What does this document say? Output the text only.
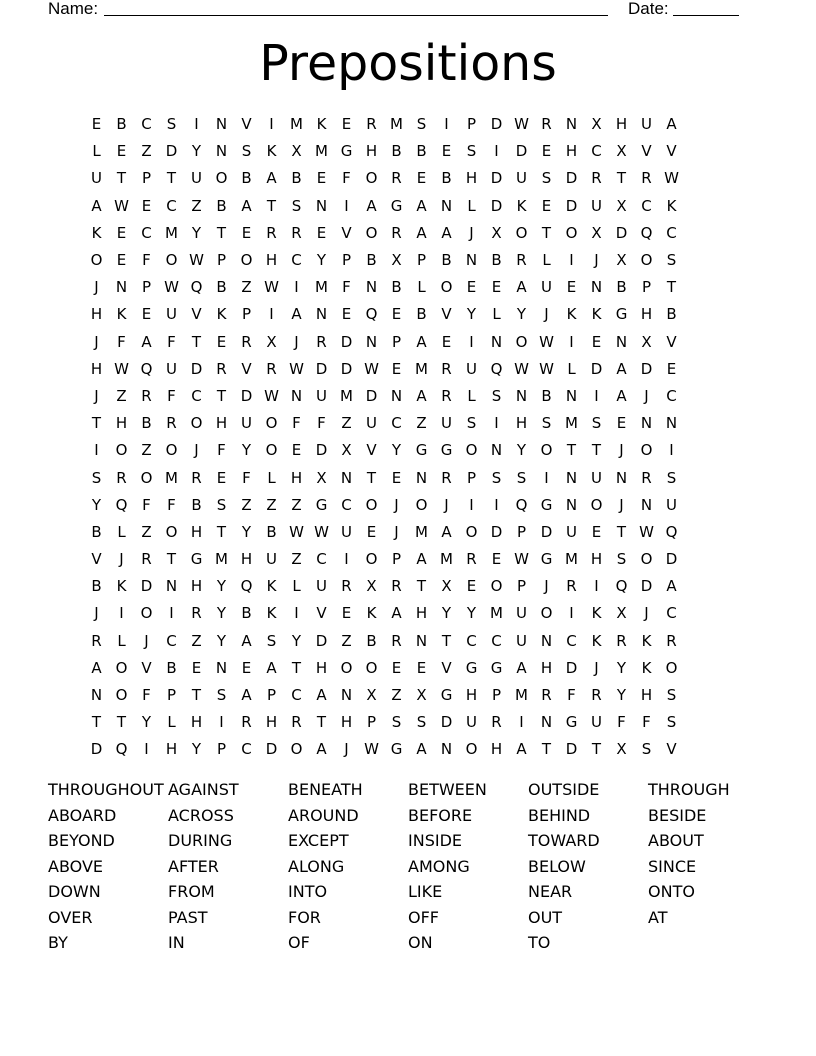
Name:	Date:
Prepositions
E	B C	S	I	N V	I	M K	E	R M S	I	P D W R N X H U A
L	E	Z D Y N S	K X M G H B B	E	S	I	D E H C X V V
U T	P	T U O B A B	E	F O R	E	B H D U S D R	T	R W
A W E	C Z B A	T	S N	I	A G A N	L	D K	E D U X C K
K	E	C M Y	T	E	R R	E	V O R A A	J	X O T O X D Q C
O E	F O W P O H C	Y	P	B X	P	B N B R	L	I	J	X O S
J	N P W Q B Z W	I	M F	N B	L O E	E	A U E N B	P	T
H K	E U V K	P	I	A N E Q E	B V	Y	L	Y	J	K	K G H B
J	F	A	F	T	E	R X	J	R D N P	A	E	I	N O W	I	E N X V
H W Q U D R V R W D D W E M R U Q W W L	D A D E
J	Z R	F	C	T D W N U M D N A R	L	S N B N	I	A	J	C
T H B R O H U O F	F	Z U C Z U S	I	H S M S	E N N
I	O Z O	J	F	Y O E D X V	Y G G O N Y O T	T	J	O	I
S	R O M R	E	F	L	H X N T	E N R	P	S	S	I	N U N R	S
Y Q F	F	B	S	Z Z Z G C O	J	O	J	I	I	Q G N O	J	N U
B	L	Z O H T	Y	B W W U E	J	M A O D P D U E	T W Q
V	J	R	T G M H U Z C	I	O P	A M R	E W G M H S O D
B K D N H Y Q K	L	U R X R	T	X	E O P	J	R	I	Q D A
J	I	O	I	R	Y	B K	I	V	E	K A H Y	Y M U O	I	K X	J	C
R	L	J	C Z	Y	A	S	Y D Z B R N T	C C U N C K R K R
A O V B	E N E	A	T H O O E	E	V G G A H D	J	Y	K O
N O F	P	T	S	A	P	C A N X Z X G H P M R	F	R	Y H S
T	T	Y	L	H	I	R H R	T H P	S	S D U R	I	N G U	F	F	S
D Q	I	H Y	P	C D O A	J	W G A N O H A	T D T	X	S	V
THROUGHOUT AGAINST	BENEATH	BETWEEN	OUTSIDE	THROUGH
ABOARD	ACROSS	AROUND	BEFORE	BEHIND	BESIDE
BEYOND	DURING	EXCEPT	INSIDE	TOWARD	ABOUT
ABOVE	AFTER	ALONG	AMONG	BELOW	SINCE
DOWN	FROM	INTO	LIKE	NEAR	ONTO
OVER	PAST	FOR	OFF	OUT	AT
BY	IN	OF	ON	TO
